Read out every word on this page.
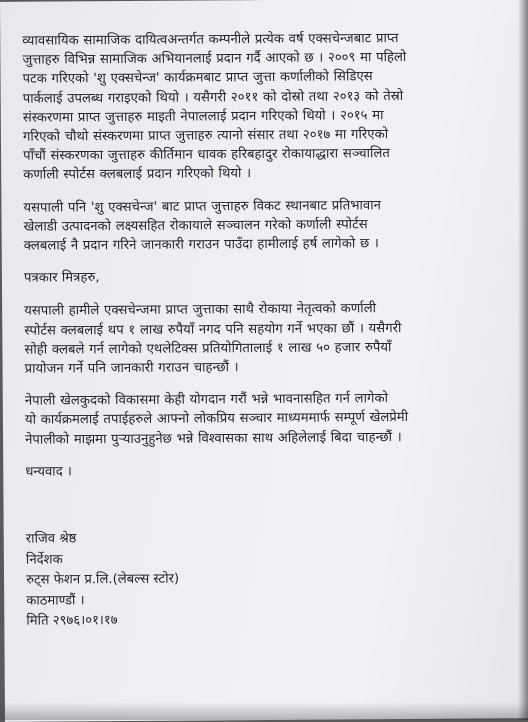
व्यावसायिक सामाजिक दायित्वअन्तर्गत कम्पनीले प्रत्येक वर्ष एक्सचेन्जबाट प्राप्त
जुत्ताहरु विभिन्न सामाजिक अभियानलाई प्रदान गर्दै आएको छ । २००९ मा पहिलो
पटक गरिएको 'शु एक्सचेन्ज' कार्यक्रमबाट प्राप्त जुत्ता कर्णालीको सिडिएस
पार्कलाई उपलब्ध गराइएको थियो । यसैगरी २०११ को दोस्रो तथा २०१३ को तेस्रो
संस्करणमा प्राप्त जुत्ताहरु माइती नेपाललाई प्रदान गरिएको थियो । २०१५ मा
गरिएको चौथो संस्करणमा प्राप्त जुत्ताहरु त्यानो संसार तथा २०१७ मा गरिएको
पाँचौं संस्करणका जुत्ताहरु कीर्तिमान धावक हरिबहादुर रोकायाद्धारा सञ्चालित
कर्णाली स्पोर्टस क्लबलाई प्रदान गरिएको थियो ।
यसपाली पनि 'शु एक्सचेन्ज' बाट प्राप्त जुत्ताहरु विकट स्थानबाट प्रतिभावान
खेलाडी उत्पादनको लक्ष्यसहित रोकायाले सञ्चालन गरेको कर्णाली स्पोर्टस
क्लबलाई नै प्रदान गरिने जानकारी गराउन पाउँदा हामीलाई हर्ष लागेको छ ।
पत्रकार मित्रहरु,
यसपाली हामीले एक्सचेन्जमा प्राप्त जुत्ताका साथै रोकाया नेतृत्वको कर्णाली
स्पोर्टस क्लबलाई थप १ लाख रुपैयाँ नगद पनि सहयोग गर्ने भएका छौं । यसैगरी
सोही क्लबले गर्न लागेको एथलेटिक्स प्रतियोगितालाई १ लाख ५० हजार रुपैयाँ
प्रायोजन गर्ने पनि जानकारी गराउन चाहन्छौं ।
नेपाली खेलकुदको विकासमा केही योगदान गरौं भन्ने भावनासहित गर्न लागेको
यो कार्यक्रमलाई तपाईहरुले आफ्नो लोकप्रिय सञ्चार माध्यममार्फ सम्पूर्ण खेलप्रेमी
नेपालीको माझमा पुऱ्याउनुहुनेछ भन्ने विश्वासका साथ अहिलेलाई बिदा चाहन्छौं ।
धन्यवाद ।
राजिव श्रेष्ठ
निर्देशक
रुट्स फेशन प्र.लि.(लेबल्स स्टोर)
काठमाण्डौं ।
मिति २९७६।०१।१७
